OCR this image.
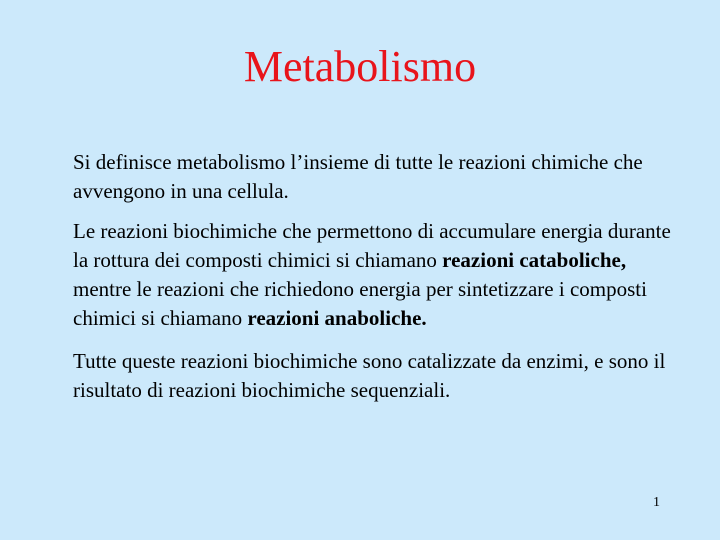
Metabolismo

Si definisce metabolismo l’insieme di tutte le reazioni chimiche che avvengono in una cellula.

Le reazioni biochimiche che permettono di accumulare energia durante la rottura dei composti chimici si chiamano reazioni cataboliche, mentre le reazioni che richiedono energia per sintetizzare i composti chimici si chiamano reazioni anaboliche.

Tutte queste reazioni biochimiche sono catalizzate da enzimi, e sono il risultato di reazioni biochimiche sequenziali.

1
